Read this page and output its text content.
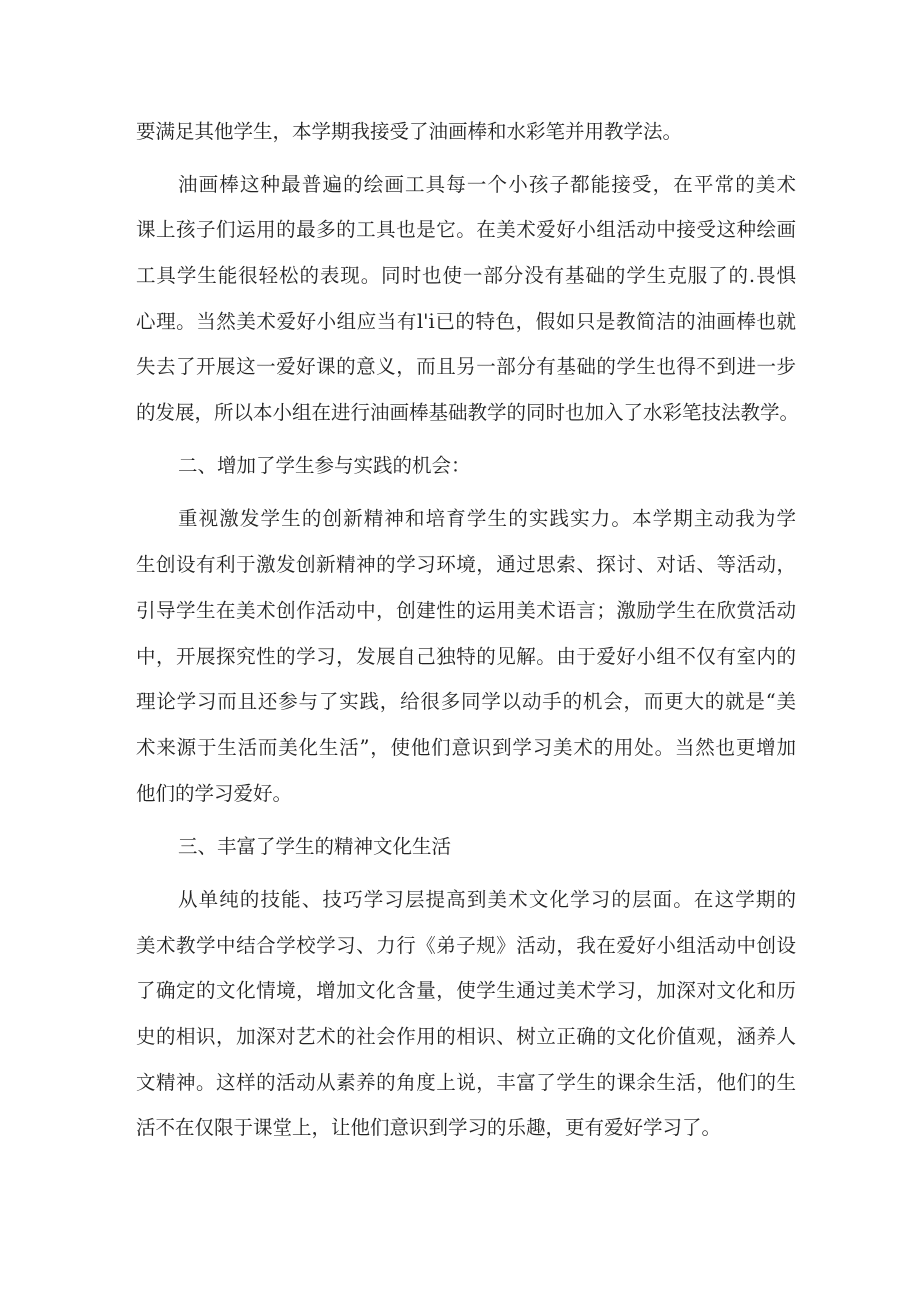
要满足其他学生，本学期我接受了油画棒和水彩笔并用教学法。

油画棒这种最普遍的绘画工具每一个小孩子都能接受，在平常的美术

课上孩子们运用的最多的工具也是它。在美术爱好小组活动中接受这种绘画

工具学生能很轻松的表现。同时也使一部分没有基础的学生克服了的.畏惧

心理。当然美术爱好小组应当有l'i已的特色，假如只是教简洁的油画棒也就

失去了开展这一爱好课的意义，而且另一部分有基础的学生也得不到进一步

的发展，所以本小组在进行油画棒基础教学的同时也加入了水彩笔技法教学。

二、增加了学生参与实践的机会：

重视激发学生的创新精神和培育学生的实践实力。本学期主动我为学

生创设有利于激发创新精神的学习环境，通过思索、探讨、对话、等活动，

引导学生在美术创作活动中，创建性的运用美术语言；激励学生在欣赏活动

中，开展探究性的学习，发展自己独特的见解。由于爱好小组不仅有室内的

理论学习而且还参与了实践，给很多同学以动手的机会，而更大的就是“美

术来源于生活而美化生活”，使他们意识到学习美术的用处。当然也更增加

他们的学习爱好。

三、丰富了学生的精神文化生活

从单纯的技能、技巧学习层提高到美术文化学习的层面。在这学期的

美术教学中结合学校学习、力行《弟子规》活动，我在爱好小组活动中创设

了确定的文化情境，增加文化含量，使学生通过美术学习，加深对文化和历

史的相识，加深对艺术的社会作用的相识、树立正确的文化价值观，涵养人

文精神。这样的活动从素养的角度上说，丰富了学生的课余生活，他们的生

活不在仅限于课堂上，让他们意识到学习的乐趣，更有爱好学习了。
